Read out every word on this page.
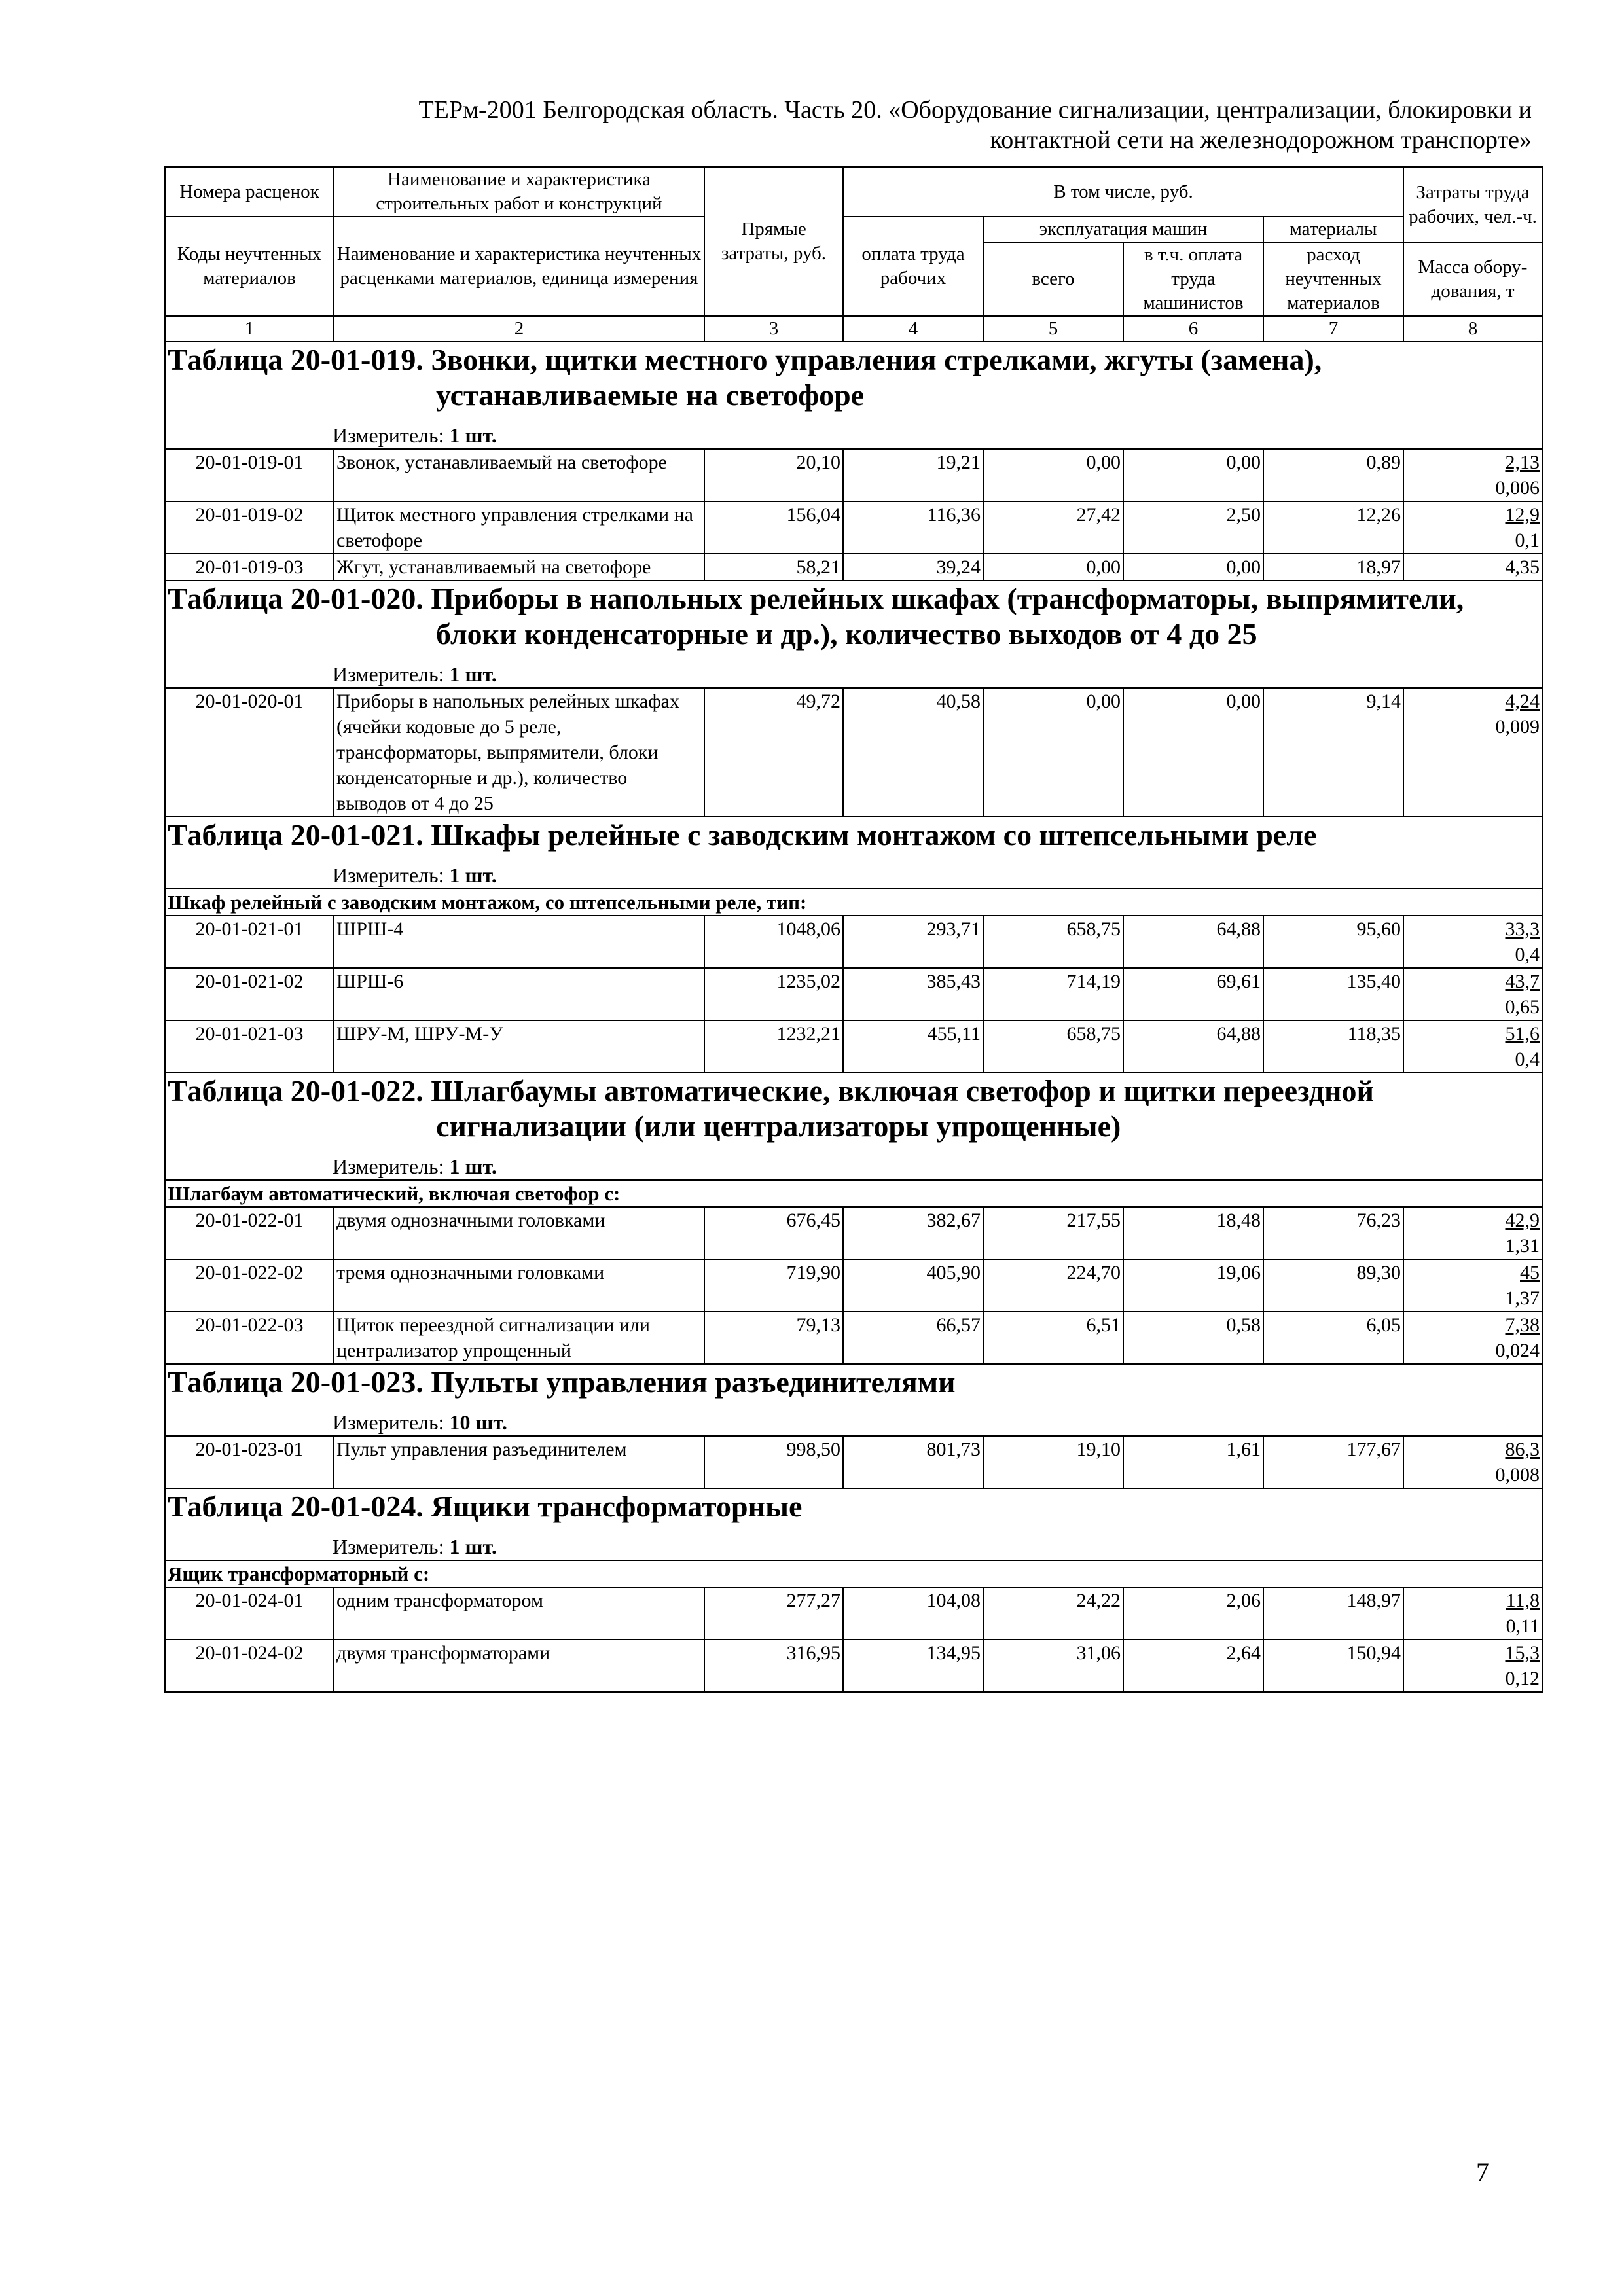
ТЕРм-2001 Белгородская область. Часть 20. «Оборудование сигнализации, централизации, блокировки и
контактной сети на железнодорожном транспорте»
Номера расценок	Наименование и характеристика строительных работ и конструкций	Прямые затраты, руб.	В том числе, руб.				Затраты труда рабочих, чел.-ч.
Коды неучтенных материалов	Наименование и характеристика неучтенных расценками материалов, единица измерения		оплата труда рабочих	эксплуатация машин		материалы	
				всего	в т.ч. оплата труда машинистов	расход неучтенных материалов	
							Масса обору-дования, т
1	2	3	4	5	6	7	8

Таблица 20-01-019. Звонки, щитки местного управления стрелками, жгуты (замена), устанавливаемые на светофоре
Измеритель: 1 шт.							

20-01-019-01	Звонок, устанавливаемый на светофоре	20,10	19,21	0,00	0,00	0,89	2,13
0,006

20-01-019-02	Щиток местного управления стрелками на светофоре	156,04	116,36	27,42	2,50	12,26	12,9
0,1

20-01-019-03	Жгут, устанавливаемый на светофоре	58,21	39,24	0,00	0,00	18,97	4,35

Таблица 20-01-020. Приборы в напольных релейных шкафах (трансформаторы, выпрямители, блоки конденсаторные и др.), количество выходов от 4 до 25
Измеритель: 1 шт.							

20-01-020-01	Приборы в напольных релейных шкафах (ячейки кодовые до 5 реле, трансформаторы, выпрямители, блоки конденсаторные и др.), количество выводов от 4 до 25	49,72	40,58	0,00	0,00	9,14	4,24
0,009

Таблица 20-01-021. Шкафы релейные с заводским монтажом со штепсельными реле
Измеритель: 1 шт.							

Шкаф релейный с заводским монтажом, со штепсельными реле, тип:							
20-01-021-01	ШРШ-4	1048,06	293,71	658,75	64,88	95,60	33,3
0,4

20-01-021-02	ШРШ-6	1235,02	385,43	714,19	69,61	135,40	43,7
0,65

20-01-021-03	ШРУ-М, ШРУ-М-У	1232,21	455,11	658,75	64,88	118,35	51,6
0,4

Таблица 20-01-022. Шлагбаумы автоматические, включая светофор и щитки переездной сигнализации (или централизаторы упрощенные)
Измеритель: 1 шт.							

Шлагбаум автоматический, включая светофор с:							
20-01-022-01	двумя однозначными головками	676,45	382,67	217,55	18,48	76,23	42,9
1,31

20-01-022-02	тремя однозначными головками	719,90	405,90	224,70	19,06	89,30	45
1,37

20-01-022-03	Щиток переездной сигнализации или централизатор упрощенный	79,13	66,57	6,51	0,58	6,05	7,38
0,024

Таблица 20-01-023. Пульты управления разъединителями
Измеритель: 10 шт.							

20-01-023-01	Пульт управления разъединителем	998,50	801,73	19,10	1,61	177,67	86,3
0,008

Таблица 20-01-024. Ящики трансформаторные
Измеритель: 1 шт.							

Ящик трансформаторный с:							
20-01-024-01	одним трансформатором	277,27	104,08	24,22	2,06	148,97	11,8
0,11

20-01-024-02	двумя трансформаторами	316,95	134,95	31,06	2,64	150,94	15,3
0,12
7
